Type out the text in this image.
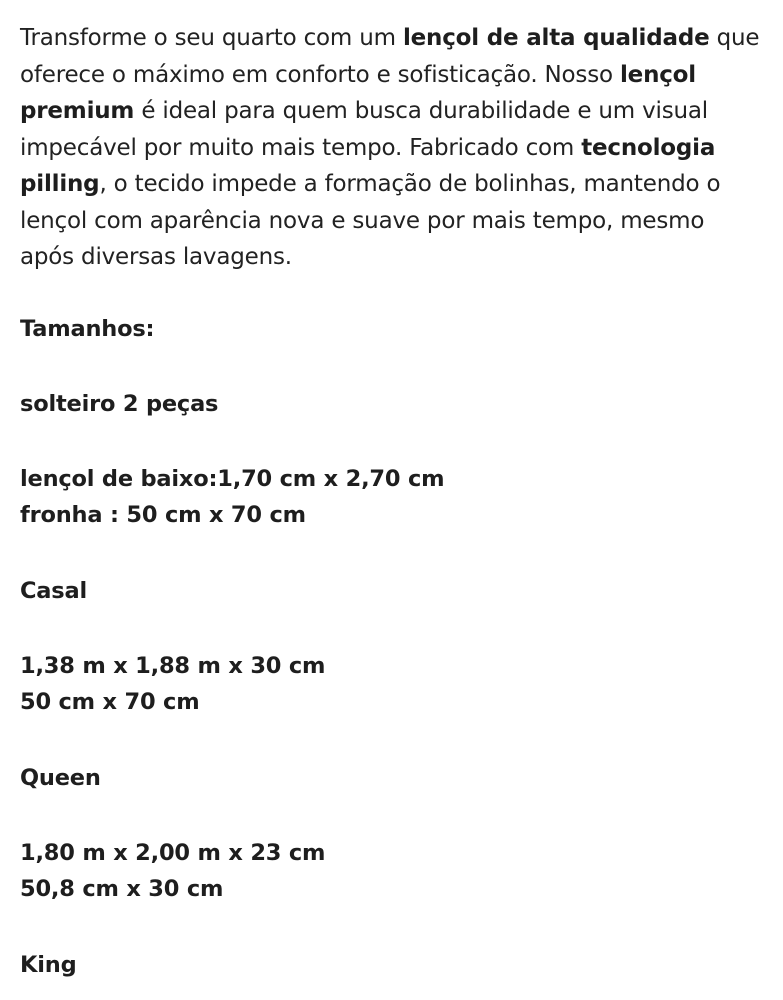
Transforme o seu quarto com um lençol de alta qualidade que oferece o máximo em conforto e sofisticação. Nosso lençol premium é ideal para quem busca durabilidade e um visual impecável por muito mais tempo. Fabricado com tecnologia pilling, o tecido impede a formação de bolinhas, mantendo o lençol com aparência nova e suave por mais tempo, mesmo após diversas lavagens.

Tamanhos:
solteiro 2 peças
lençol de baixo:1,70 cm x 2,70 cm
fronha : 50 cm x 70 cm
Casal
1,38 m x 1,88 m x 30 cm
50 cm x 70 cm
Queen
1,80 m x 2,00 m x 23 cm
50,8 cm x 30 cm
King
